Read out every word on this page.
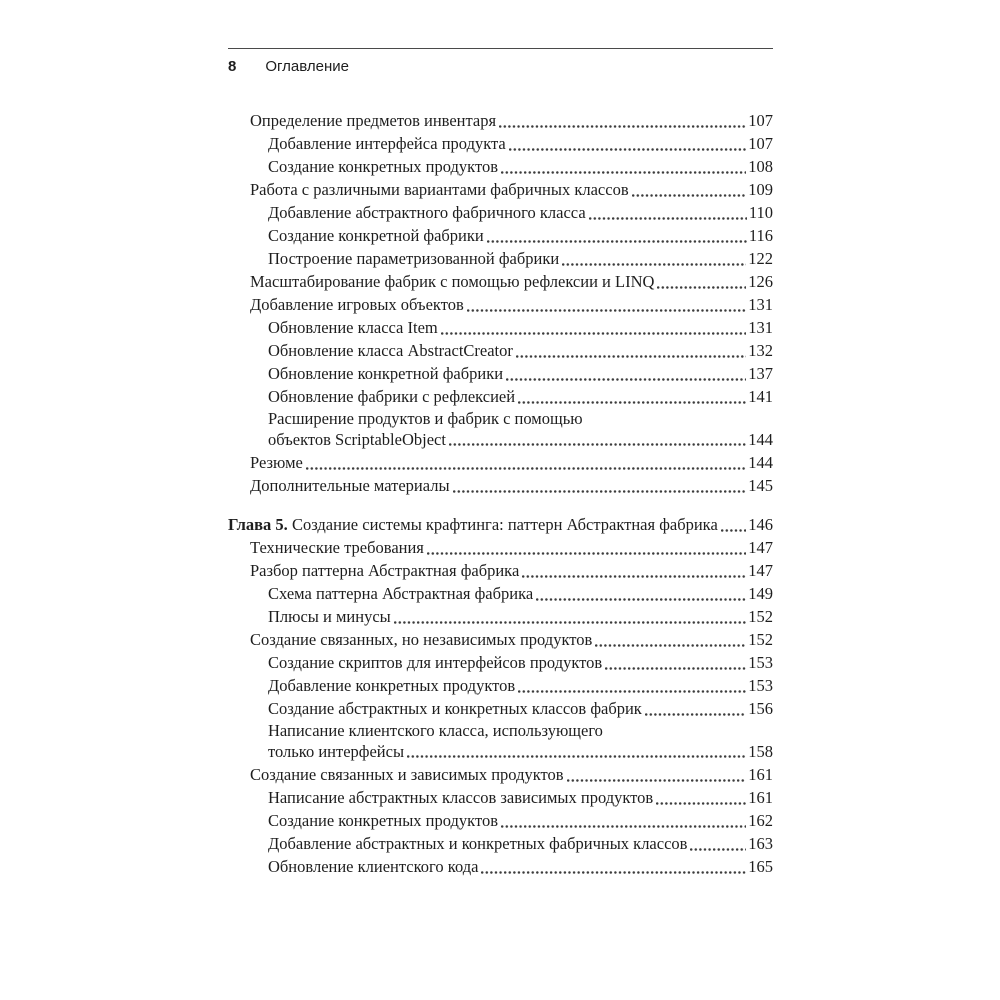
8 Оглавление
Определение предметов инвентаря	107
Добавление интерфейса продукта	107
Создание конкретных продуктов	108
Работа с различными вариантами фабричных классов	109
Добавление абстрактного фабричного класса	110
Создание конкретной фабрики	116
Построение параметризованной фабрики	122
Масштабирование фабрик с помощью рефлексии и LINQ	126
Добавление игровых объектов	131
Обновление класса Item	131
Обновление класса AbstractCreator	132
Обновление конкретной фабрики	137
Обновление фабрики с рефлексией	141
Расширение продуктов и фабрик с помощью
объектов ScriptableObject	144
Резюме	144
Дополнительные материалы	145
Глава 5. Создание системы крафтинга: паттерн Абстрактная фабрика 146
Технические требования	147
Разбор паттерна Абстрактная фабрика	147
Схема паттерна Абстрактная фабрика	149
Плюсы и минусы	152
Создание связанных, но независимых продуктов	152
Создание скриптов для интерфейсов продуктов	153
Добавление конкретных продуктов	153
Создание абстрактных и конкретных классов фабрик	156
Написание клиентского класса, использующего
только интерфейсы	158
Создание связанных и зависимых продуктов	161
Написание абстрактных классов зависимых продуктов	161
Создание конкретных продуктов	162
Добавление абстрактных и конкретных фабричных классов	163
Обновление клиентского кода	165
